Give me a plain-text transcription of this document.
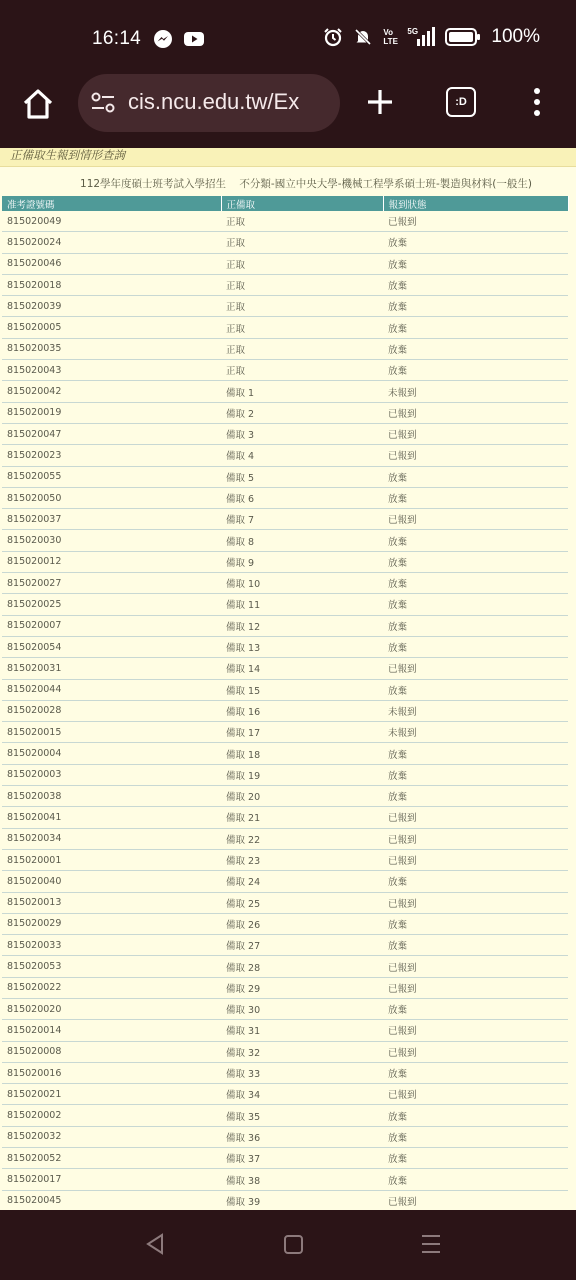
16:14	Vo LTE
5G	100%
cis.ncu.edu.tw/Ex	:D
正備取生報到情形查詢
112學年度碩士班考試入學招生 不分類-國立中央大學-機械工程學系碩士班-製造與材料(一般生)
准考證號碼	正備取	報到狀態
815020049	正取	已報到
815020024	正取	放棄
815020046	正取	放棄
815020018	正取	放棄
815020039	正取	放棄
815020005	正取	放棄
815020035	正取	放棄
815020043	正取	放棄
815020042	備取 1	未報到
815020019	備取 2	已報到
815020047	備取 3	已報到
815020023	備取 4	已報到
815020055	備取 5	放棄
815020050	備取 6	放棄
815020037	備取 7	已報到
815020030	備取 8	放棄
815020012	備取 9	放棄
815020027	備取 10	放棄
815020025	備取 11	放棄
815020007	備取 12	放棄
815020054	備取 13	放棄
815020031	備取 14	已報到
815020044	備取 15	放棄
815020028	備取 16	未報到
815020015	備取 17	未報到
815020004	備取 18	放棄
815020003	備取 19	放棄
815020038	備取 20	放棄
815020041	備取 21	已報到
815020034	備取 22	已報到
815020001	備取 23	已報到
815020040	備取 24	放棄
815020013	備取 25	已報到
815020029	備取 26	放棄
815020033	備取 27	放棄
815020053	備取 28	已報到
815020022	備取 29	已報到
815020020	備取 30	放棄
815020014	備取 31	已報到
815020008	備取 32	已報到
815020016	備取 33	放棄
815020021	備取 34	已報到
815020002	備取 35	放棄
815020032	備取 36	放棄
815020052	備取 37	放棄
815020017	備取 38	放棄
815020045	備取 39	已報到
